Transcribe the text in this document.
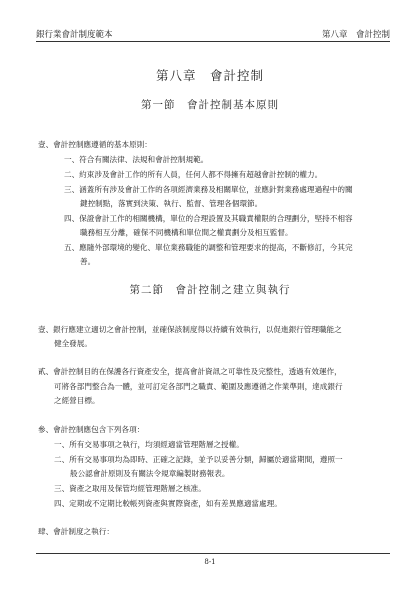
銀行業會計制度範本	第八章　會計控制
第八章　會計控制
第一節　會計控制基本原則
壹、會計控制應遵循的基本原則：
一、符合有關法律、法規和會計控制規範。
二、約束涉及會計工作的所有人員，任何人都不得擁有超越會計控制的權力。
三、涵蓋所有涉及會計工作的各項經濟業務及相關單位，並應針對業務處理過程中的關
鍵控制點，落實到決策、執行、監督、管理各個環節。
四、保證會計工作的相關機構，單位的合理設置及其職責權限的合理劃分，堅持不相容
職務相互分離，確保不同機構和單位間之權責劃分及相互監督。
五、應隨外部環境的變化、單位業務職能的調整和管理要求的提高，不斷修訂，今其完
善。
第二節　會計控制之建立與執行
壹、銀行應建立適切之會計控制，並確保該制度得以持續有效執行，以促進銀行管理職能之
健全發展。
貳、會計控制目的在保護各行資產安全，提高會計資訊之可靠性及完整性，透過有效運作，
可將各部門整合為一體，並可訂定各部門之職責、範圍及應遵循之作業準則，達成銀行
之經營目標。
參、會計控制應包含下列各項：
一、所有交易事項之執行，均須經適當管理階層之授權。
二、所有交易事項均為即時、正確之記錄，並予以妥善分類，歸屬於適當期間，遵照一
般公認會計原則及有關法令規章編製財務報表。
三、資產之取用及保管均經管理階層之核准。
四、定期或不定期比較帳列資產與實際資產，如有差異應適當處理。
肆、會計制度之執行：
8-1
